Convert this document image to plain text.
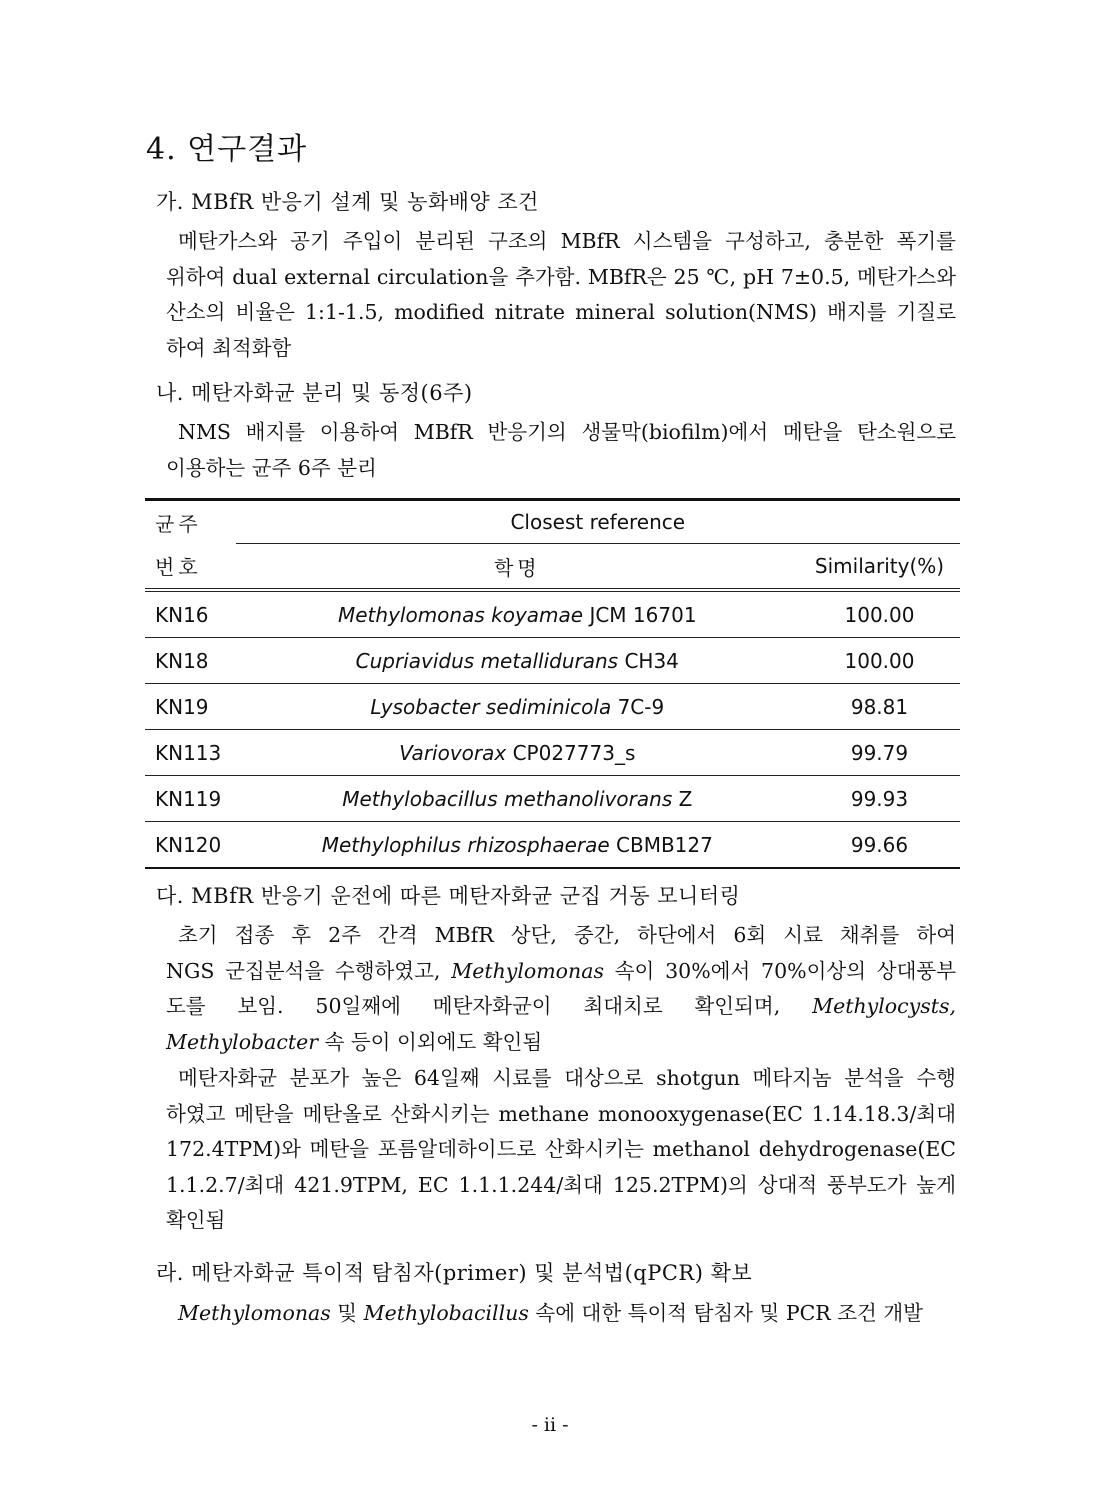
4. 연구결과
가. MBfR 반응기 설계 및 농화배양 조건
메탄가스와 공기 주입이 분리된 구조의 MBfR 시스템을 구성하고, 충분한 폭기를
위하여 dual external circulation을 추가함. MBfR은 25 ℃, pH 7±0.5, 메탄가스와
산소의 비율은 1:1-1.5, modified nitrate mineral solution(NMS) 배지를 기질로
하여 최적화함
나. 메탄자화균 분리 및 동정(6주)
NMS 배지를 이용하여 MBfR 반응기의 생물막(biofilm)에서 메탄을 탄소원으로
이용하는 균주 6주 분리
균주	Closest reference	
번호	학명	Similarity(%)
KN16	Methylomonas koyamae JCM 16701	100.00
KN18	Cupriavidus metallidurans CH34	100.00
KN19	Lysobacter sediminicola 7C-9	98.81
KN113	Variovorax CP027773_s	99.79
KN119	Methylobacillus methanolivorans Z	99.93
KN120	Methylophilus rhizosphaerae CBMB127	99.66
다. MBfR 반응기 운전에 따른 메탄자화균 군집 거동 모니터링
초기 접종 후 2주 간격 MBfR 상단, 중간, 하단에서 6회 시료 채취를 하여
NGS 군집분석을 수행하였고, Methylomonas 속이 30%에서 70%이상의 상대풍부
도를 보임. 50일째에 메탄자화균이 최대치로 확인되며, Methylocysts,
Methylobacter 속 등이 이외에도 확인됨
메탄자화균 분포가 높은 64일째 시료를 대상으로 shotgun 메타지놈 분석을 수행
하였고 메탄을 메탄올로 산화시키는 methane monooxygenase(EC 1.14.18.3/최대
172.4TPM)와 메탄을 포름알데하이드로 산화시키는 methanol dehydrogenase(EC
1.1.2.7/최대 421.9TPM, EC 1.1.1.244/최대 125.2TPM)의 상대적 풍부도가 높게
확인됨
라. 메탄자화균 특이적 탐침자(primer) 및 분석법(qPCR) 확보
Methylomonas 및 Methylobacillus 속에 대한 특이적 탐침자 및 PCR 조건 개발
- ii -
